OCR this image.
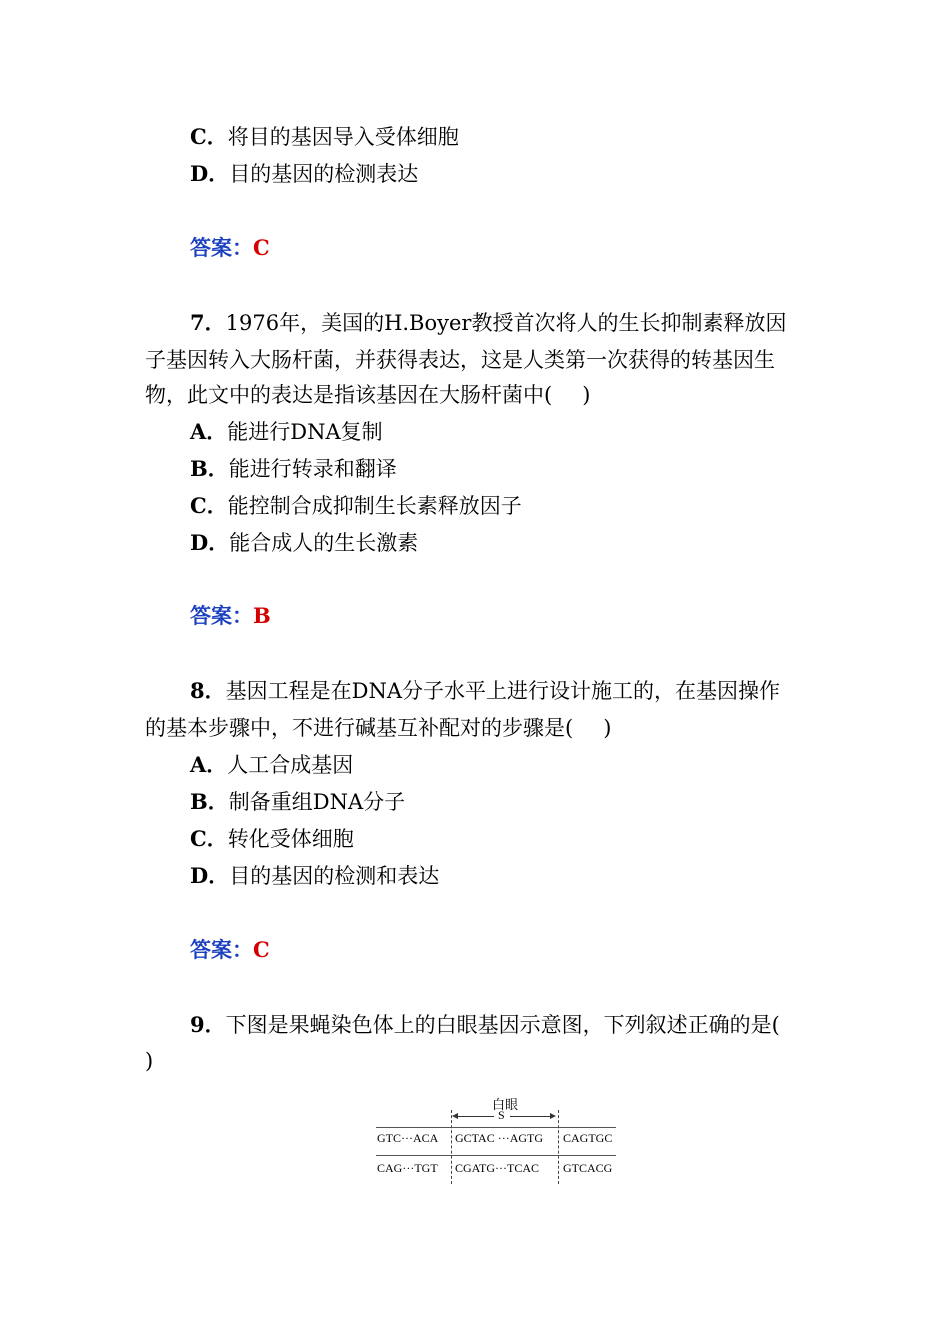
C．将目的基因导入受体细胞
D．目的基因的检测表达
答案：C
7．1976年，美国的H.Boyer教授首次将人的生长抑制素释放因
子基因转入大肠杆菌，并获得表达，这是人类第一次获得的转基因生
物，此文中的表达是指该基因在大肠杆菌中( )
A．能进行DNA复制
B．能进行转录和翻译
C．能控制合成抑制生长素释放因子
D．能合成人的生长激素
答案：B
8．基因工程是在DNA分子水平上进行设计施工的，在基因操作
的基本步骤中，不进行碱基互补配对的步骤是( )
A．人工合成基因
B．制备重组DNA分子
C．转化受体细胞
D．目的基因的检测和表达
答案：C
9．下图是果蝇染色体上的白眼基因示意图，下列叙述正确的是(
)
白眼
S
GTC···ACA GCTAC ···AGTG CAGTGC
CAG···TGT CGATG···TCAC GTCACG
